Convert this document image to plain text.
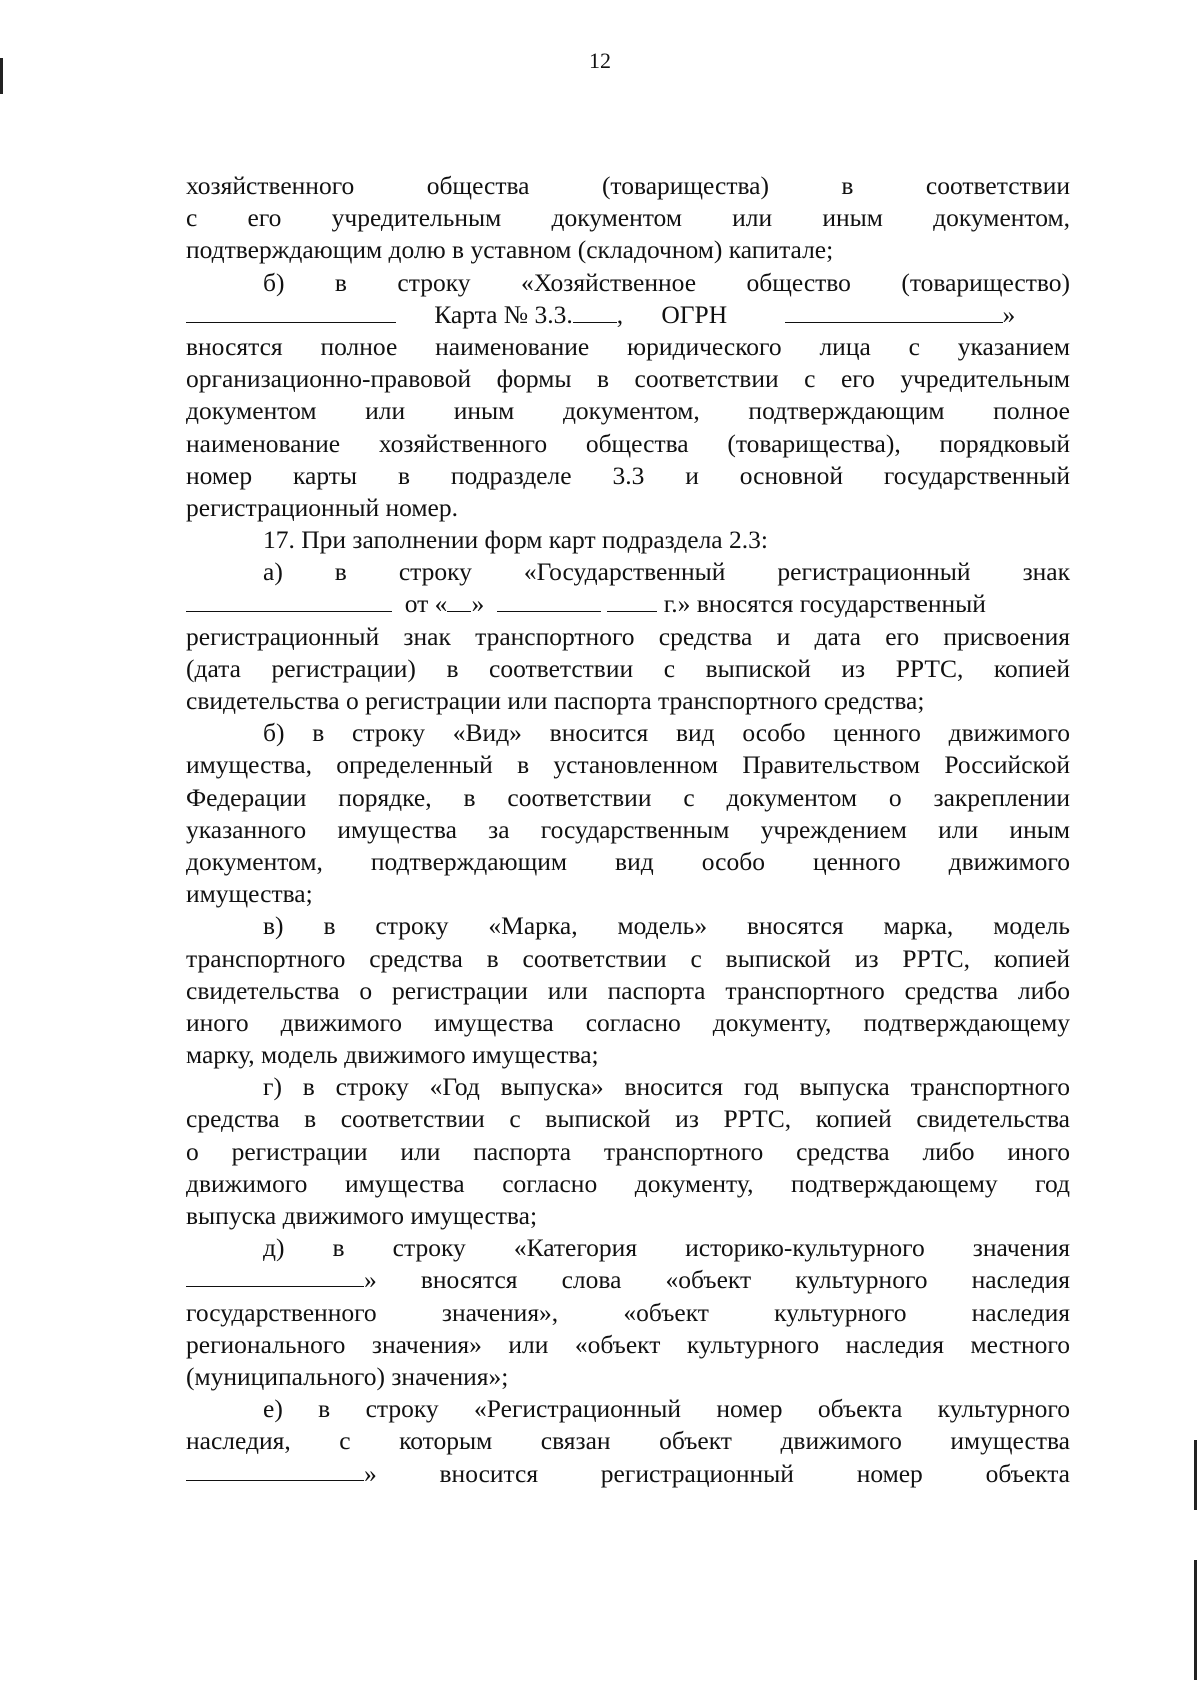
12
хозяйственного общества (товарищества) в соответствии
с его учредительным документом или иным документом,
подтверждающим долю в уставном (складочном) капитале;
б) в строку «Хозяйственное общество (товарищество)
Карта № 3.3. ,      ОГРН	»
вносятся полное наименование юридического лица с указанием
организационно-правовой формы в соответствии с его учредительным
документом или иным документом, подтверждающим полное
наименование хозяйственного общества (товарищества), порядковый
номер карты в подразделе 3.3 и основной государственный
регистрационный номер.
17. При заполнении форм карт подраздела 2.3:
а) в строку «Государственный регистрационный знак
от « »	г.» вносятся государственный
регистрационный знак транспортного средства и дата его присвоения
(дата регистрации) в соответствии с выпиской из РРТС, копией
свидетельства о регистрации или паспорта транспортного средства;
б) в строку «Вид» вносится вид особо ценного движимого
имущества, определенный в установленном Правительством Российской
Федерации порядке, в соответствии с документом о закреплении
указанного имущества за государственным учреждением или иным
документом, подтверждающим вид особо ценного движимого
имущества;
в) в строку «Марка, модель» вносятся марка, модель
транспортного средства в соответствии с выпиской из РРТС, копией
свидетельства о регистрации или паспорта транспортного средства либо
иного движимого имущества согласно документу, подтверждающему
марку, модель движимого имущества;
г) в строку «Год выпуска» вносится год выпуска транспортного
средства в соответствии с выпиской из РРТС, копией свидетельства
о регистрации или паспорта транспортного средства либо иного
движимого имущества согласно документу, подтверждающему год
выпуска движимого имущества;
д) в строку «Категория историко-культурного значения
» вносятся слова «объект культурного наследия
государственного значения», «объект культурного наследия
регионального значения» или «объект культурного наследия местного
(муниципального) значения»;
е) в строку «Регистрационный номер объекта культурного
наследия, с которым связан объект движимого имущества
» вносится регистрационный номер объекта
